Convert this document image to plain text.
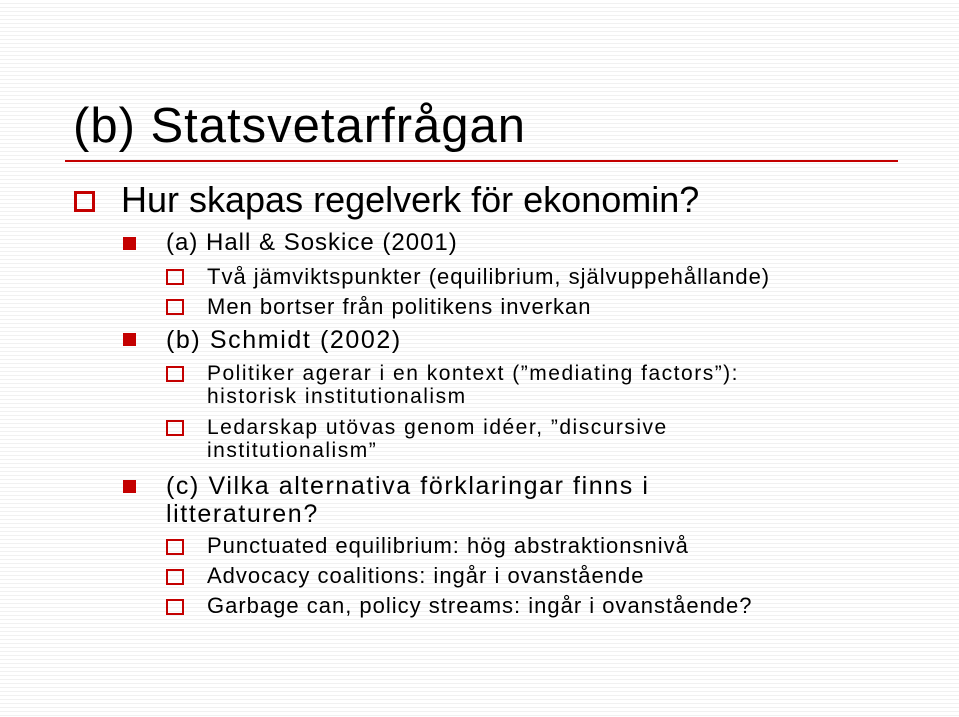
(b) Statsvetarfrågan
Hur skapas regelverk för ekonomin?
(a) Hall & Soskice (2001)
Två jämviktspunkter (equilibrium, självuppehållande)
Men bortser från politikens inverkan
(b) Schmidt (2002)
Politiker agerar i en kontext (”mediating factors”):
historisk institutionalism
Ledarskap utövas genom idéer, ”discursive
institutionalism”
(c) Vilka alternativa förklaringar finns i
litteraturen?
Punctuated equilibrium: hög abstraktionsnivå
Advocacy coalitions: ingår i ovanstående
Garbage can, policy streams: ingår i ovanstående?
